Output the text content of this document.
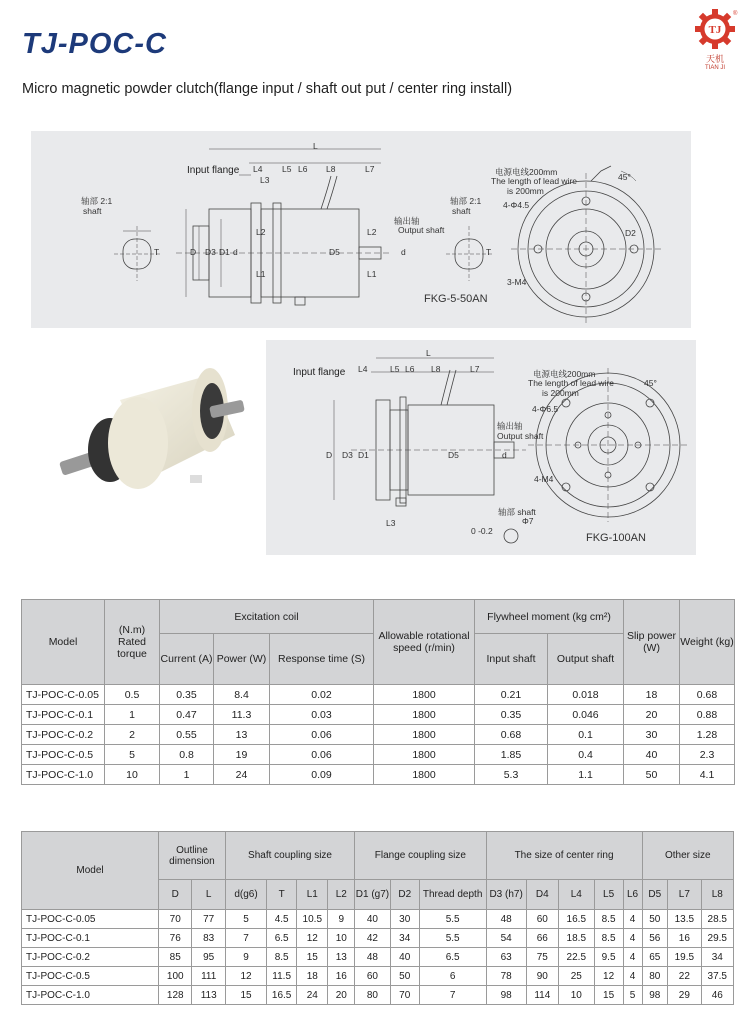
TJ-POC-C
Micro magnetic powder clutch(flange input / shaft out put / center ring install)
TJ
®
天机
TIAN JI
轴部 2:1
shaft
轴部 2:1
shaft
L
L4 L5 L6 L8	L7
L3
L2
L1
L2
L1
D D3 D1 d	D5	d
T	T
D2
输出轴
Output shaft
电源电线200mm
The length of lead wire
is 200mm
4-Φ4.5
3-M4
45°
FKG-5-50AN
Input flange
L
L4	L5 L6 L8	L7
L3
D D3 D1	D5	d
输出轴
Output shaft
轴部 shaft
Φ7
0 -0.2
电源电线200mm
The length of lead wire
is 200mm
4-Φ6.5
4-M4
45°
FKG-100AN
Input flange
Model	(N.m) Rated torque	Excitation coil			Allowable rotational speed (r/min)	Flywheel moment (kg cm²)		Slip power (W)	Weight (kg)
		Current (A)	Power (W)	Response time (S)		Input shaft	Output shaft		
TJ-POC-C-0.05	0.5	0.35	8.4	0.02	1800	0.21	0.018	18	0.68
TJ-POC-C-0.1	1	0.47	11.3	0.03	1800	0.35	0.046	20	0.88
TJ-POC-C-0.2	2	0.55	13	0.06	1800	0.68	0.1	30	1.28
TJ-POC-C-0.5	5	0.8	19	0.06	1800	1.85	0.4	40	2.3
TJ-POC-C-1.0	10	1	24	0.09	1800	5.3	1.1	50	4.1
Model	Outline dimension		Shaft coupling size				Flange coupling size			The size of center ring					Other size		
	D	L	d(g6)	T	L1	L2	D1 (g7)	D2	Thread depth	D3 (h7)	D4	L4	L5	L6	D5	L7	L8
TJ-POC-C-0.05	70	77	5	4.5	10.5	9	40	30	5.5	48	60	16.5	8.5	4	50	13.5	28.5
TJ-POC-C-0.1	76	83	7	6.5	12	10	42	34	5.5	54	66	18.5	8.5	4	56	16	29.5
TJ-POC-C-0.2	85	95	9	8.5	15	13	48	40	6.5	63	75	22.5	9.5	4	65	19.5	34
TJ-POC-C-0.5	100	111	12	11.5	18	16	60	50	6	78	90	25	12	4	80	22	37.5
TJ-POC-C-1.0	128	113	15	16.5	24	20	80	70	7	98	114	10	15	5	98	29	46
